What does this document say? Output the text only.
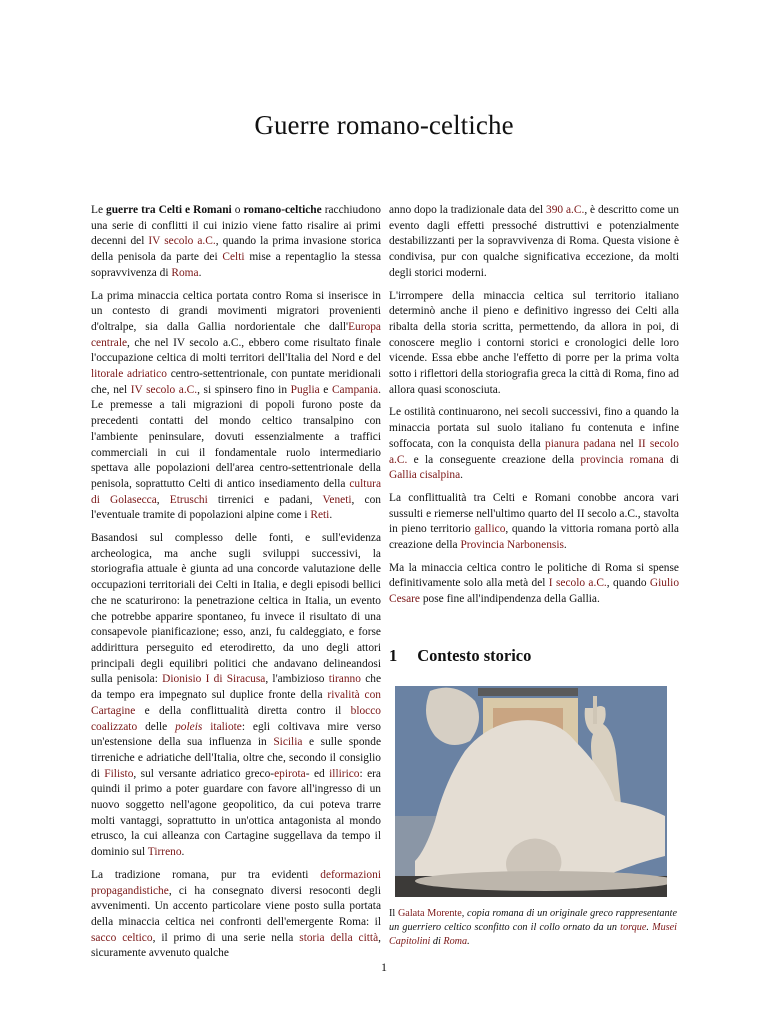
Guerre romano-celtiche

Le guerre tra Celti e Romani o romano-celtiche racchiudono una serie di conflitti il cui inizio viene fatto risalire ai primi decenni del IV secolo a.C., quando la prima invasione storica della penisola da parte dei Celti mise a repentaglio la stessa sopravvivenza di Roma.

La prima minaccia celtica portata contro Roma si inserisce in un contesto di grandi movimenti migratori provenienti d'oltralpe, sia dalla Gallia nordorientale che dall'Europa centrale, che nel IV secolo a.C., ebbero come risultato finale l'occupazione celtica di molti territori dell'Italia del Nord e del litorale adriatico centro-settentrionale, con puntate meridionali che, nel IV secolo a.C., si spinsero fino in Puglia e Campania. Le premesse a tali migrazioni di popoli furono poste da precedenti contatti del mondo celtico transalpino con l'ambiente peninsulare, dovuti essenzialmente a traffici commerciali in cui il fondamentale ruolo intermediario spettava alle popolazioni dell'area centro-settentrionale della penisola, soprattutto Celti di antico insediamento della cultura di Golasecca, Etruschi tirrenici e padani, Veneti, con l'eventuale tramite di popolazioni alpine come i Reti.

Basandosi sul complesso delle fonti, e sull'evidenza archeologica, ma anche sugli sviluppi successivi, la storiografia attuale è giunta ad una concorde valutazione delle occupazioni territoriali dei Celti in Italia, e degli episodi bellici che ne scaturirono: la penetrazione celtica in Italia, un evento che potrebbe apparire spontaneo, fu invece il risultato di una consapevole pianificazione; esso, anzi, fu caldeggiato, e forse addirittura perseguito ed eterodiretto, da uno degli attori principali degli equilibri politici che andavano delineandosi sulla penisola: Dionisio I di Siracusa, l'ambizioso tiranno che da tempo era impegnato sul duplice fronte della rivalità con Cartagine e della conflittualità diretta contro il blocco coalizzato delle poleis italiote: egli coltivava mire verso un'estensione della sua influenza in Sicilia e sulle sponde tirreniche e adriatiche dell'Italia, oltre che, secondo il consiglio di Filisto, sul versante adriatico greco-epirota- ed illirico: era quindi il primo a poter guardare con favore all'ingresso di un nuovo soggetto nell'agone geopolitico, da cui poteva trarre molti vantaggi, soprattutto in un'ottica antagonista al mondo etrusco, la cui alleanza con Cartagine suggellava da tempo il dominio sul Tirreno.

La tradizione romana, pur tra evidenti deformazioni propagandistiche, ci ha consegnato diversi resoconti degli avvenimenti. Un accento particolare viene posto sulla portata della minaccia celtica nei confronti dell'emergente Roma: il sacco celtico, il primo di una serie nella storia della città, sicuramente avvenuto qualche

anno dopo la tradizionale data del 390 a.C., è descritto come un evento dagli effetti pressoché distruttivi e potenzialmente destabilizzanti per la sopravvivenza di Roma. Questa visione è condivisa, pur con qualche significativa eccezione, da molti degli storici moderni.

L'irrompere della minaccia celtica sul territorio italiano determinò anche il pieno e definitivo ingresso dei Celti alla ribalta della storia scritta, permettendo, da allora in poi, di conoscere meglio i contorni storici e cronologici delle loro vicende. Essa ebbe anche l'effetto di porre per la prima volta sotto i riflettori della storiografia greca la città di Roma, fino ad allora quasi sconosciuta.

Le ostilità continuarono, nei secoli successivi, fino a quando la minaccia portata sul suolo italiano fu contenuta e infine soffocata, con la conquista della pianura padana nel II secolo a.C. e la conseguente creazione della provincia romana di Gallia cisalpina.

La conflittualità tra Celti e Romani conobbe ancora vari sussulti e riemerse nell'ultimo quarto del II secolo a.C., stavolta in pieno territorio gallico, quando la vittoria romana portò alla creazione della Provincia Narbonensis.

Ma la minaccia celtica contro le politiche di Roma si spense definitivamente solo alla metà del I secolo a.C., quando Giulio Cesare pose fine all'indipendenza della Gallia.

1 Contesto storico
Il Galata Morente, copia romana di un originale greco rappresentante un guerriero celtico sconfitto con il collo ornato da un torque. Musei Capitolini di Roma.
1
